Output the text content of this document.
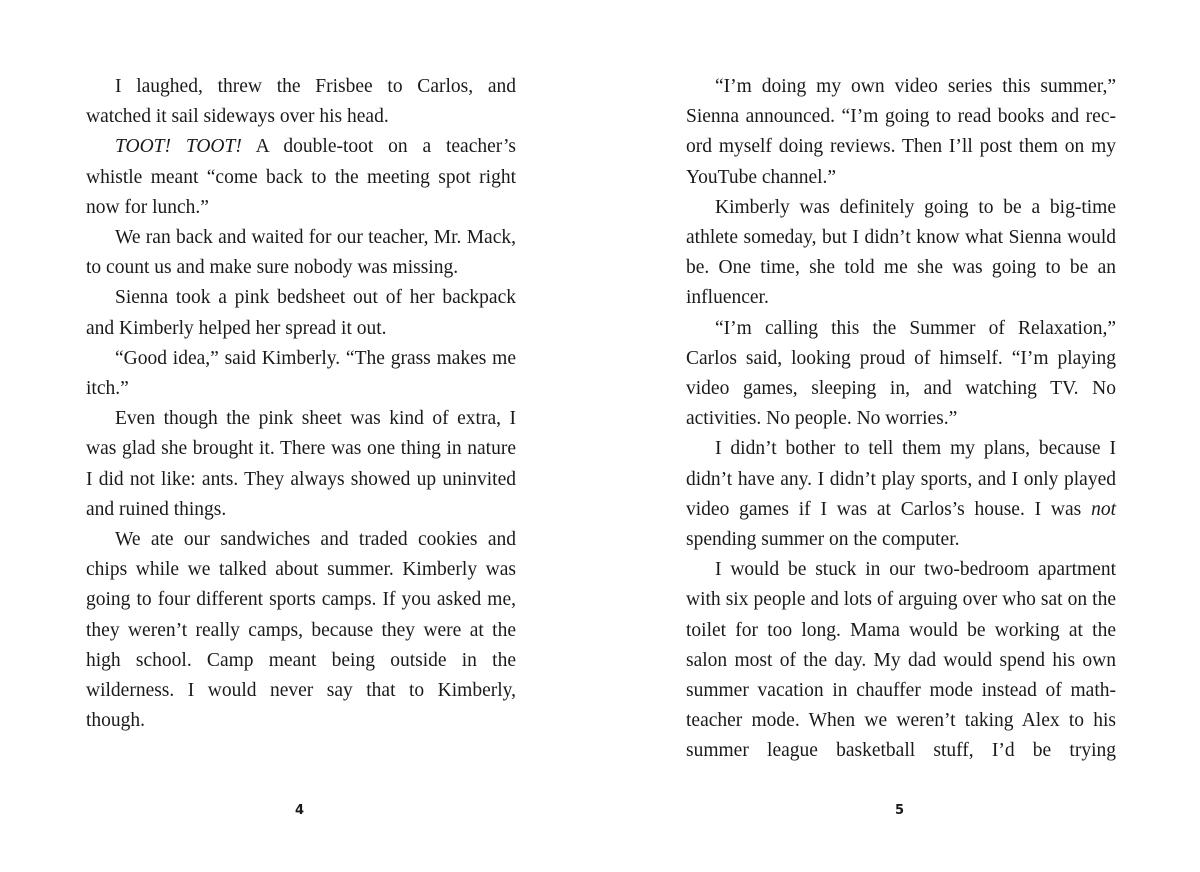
I laughed, threw the Frisbee to Carlos, and watched it sail sideways over his head.

TOOT! TOOT! A double-toot on a teacher’s whistle meant “come back to the meeting spot right now for lunch.”

We ran back and waited for our teacher, Mr. Mack, to count us and make sure nobody was missing.

Sienna took a pink bedsheet out of her backpack and Kimberly helped her spread it out.

“Good idea,” said Kimberly. “The grass makes me itch.”

Even though the pink sheet was kind of extra, I was glad she brought it. There was one thing in nature I did not like: ants. They always showed up uninvited and ruined things.

We ate our sandwiches and traded cookies and chips while we talked about summer. Kimberly was going to four different sports camps. If you asked me, they weren’t really camps, because they were at the high school. Camp meant being outside in the wilderness. I would never say that to Kimberly, though.

“I’m doing my own video series this summer,” Sienna announced. “I’m going to read books and record myself doing reviews. Then I’ll post them on my YouTube channel.”

Kimberly was definitely going to be a big-time athlete someday, but I didn’t know what Sienna would be. One time, she told me she was going to be an influencer.

“I’m calling this the Summer of Relaxation,” Carlos said, looking proud of himself. “I’m playing video games, sleeping in, and watching TV. No activities. No people. No worries.”

I didn’t bother to tell them my plans, because I didn’t have any. I didn’t play sports, and I only played video games if I was at Carlos’s house. I was not spending summer on the computer.

I would be stuck in our two-bedroom apartment with six people and lots of arguing over who sat on the toilet for too long. Mama would be working at the salon most of the day. My dad would spend his own summer vacation in chauffer mode instead of math-teacher mode. When we weren’t taking Alex to his summer league basketball stuff, I’d be trying

4	5
